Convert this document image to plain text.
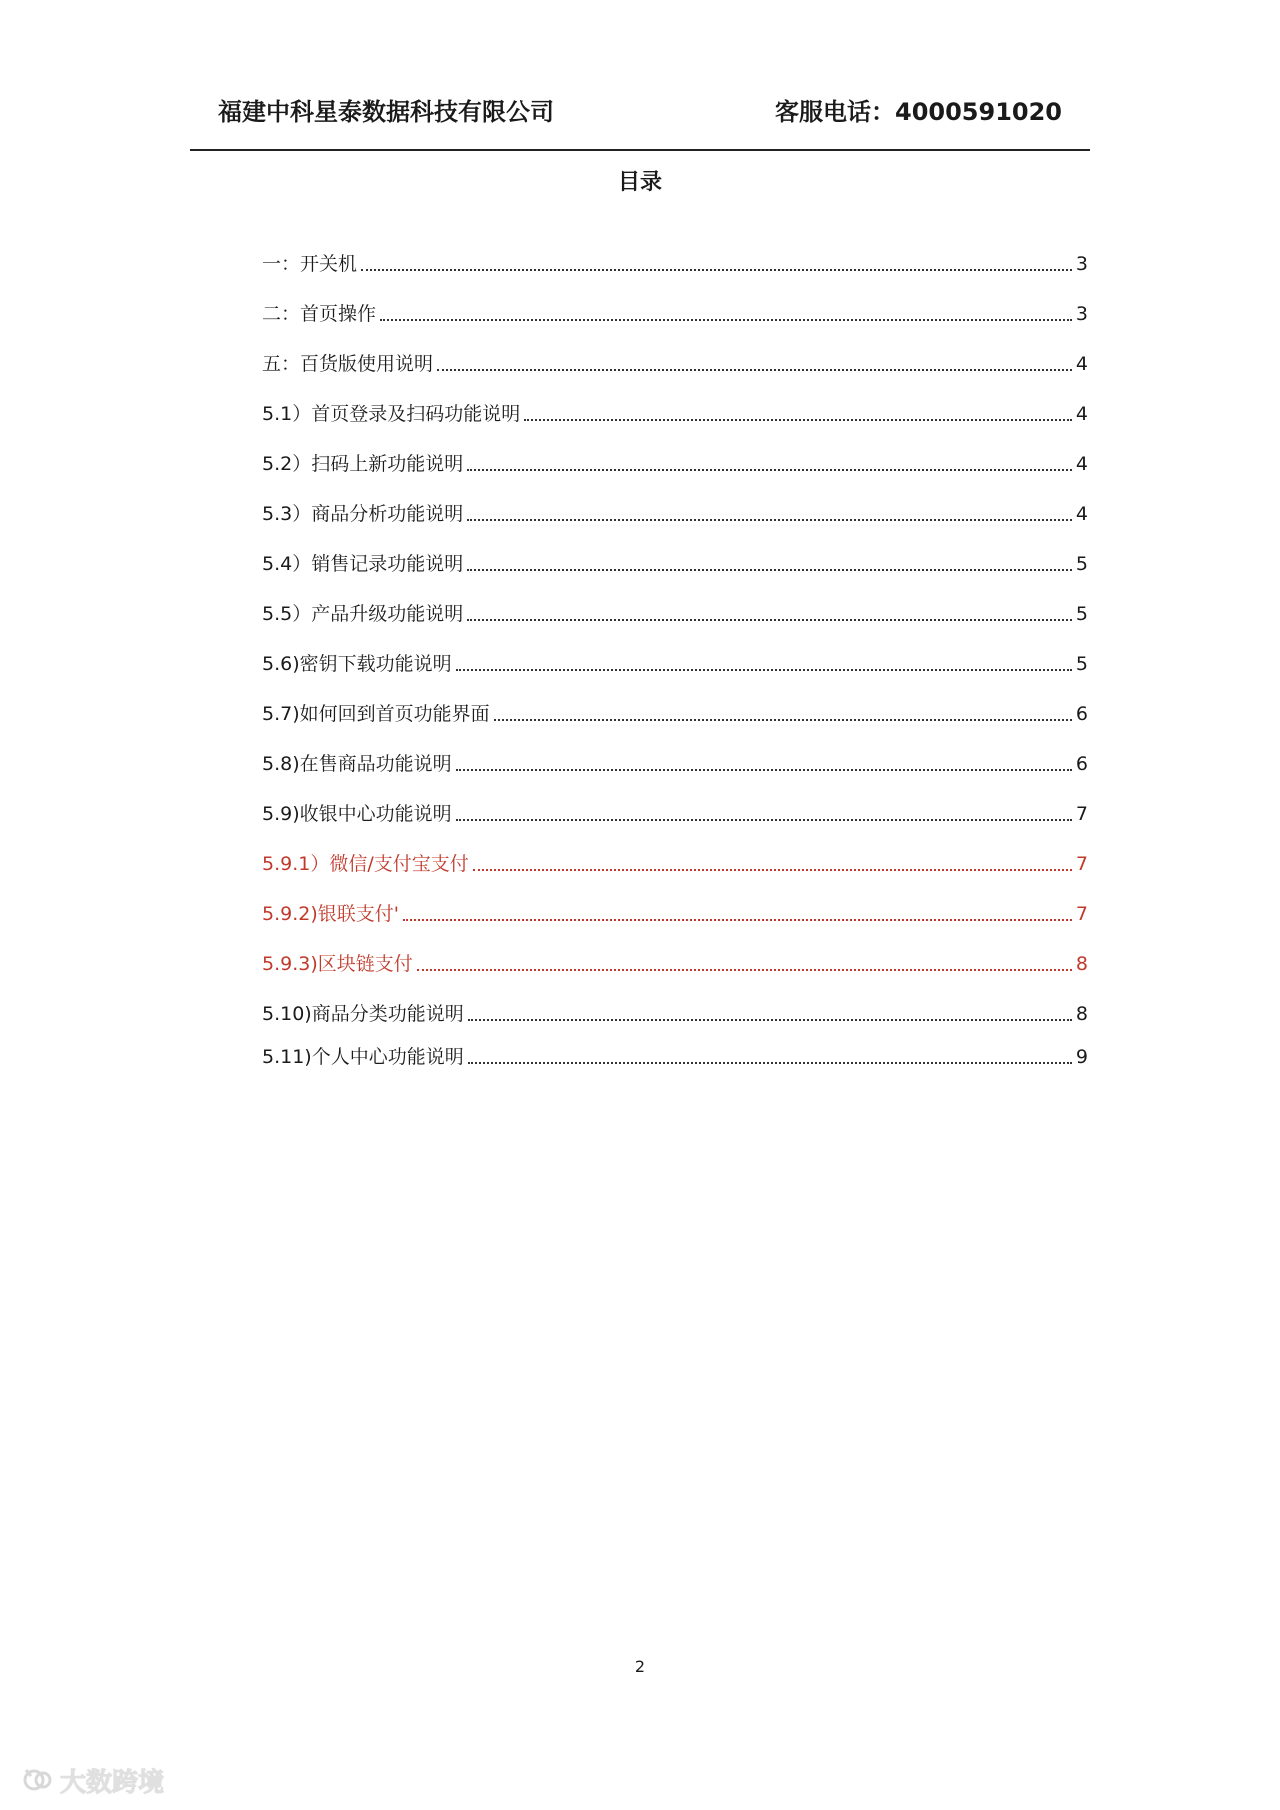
福建中科星泰数据科技有限公司	客服电话：4000591020
目录
一：开关机	3
二：首页操作	3
五：百货版使用说明	4
5.1）首页登录及扫码功能说明	4
5.2）扫码上新功能说明	4
5.3）商品分析功能说明	4
5.4）销售记录功能说明	5
5.5）产品升级功能说明	5
5.6)密钥下载功能说明	5
5.7)如何回到首页功能界面	6
5.8)在售商品功能说明	6
5.9)收银中心功能说明	7
5.9.1）微信/支付宝支付	7
5.9.2)银联支付'	7
5.9.3)区块链支付	8
5.10)商品分类功能说明	8
5.11)个人中心功能说明	9
2
大数跨境
